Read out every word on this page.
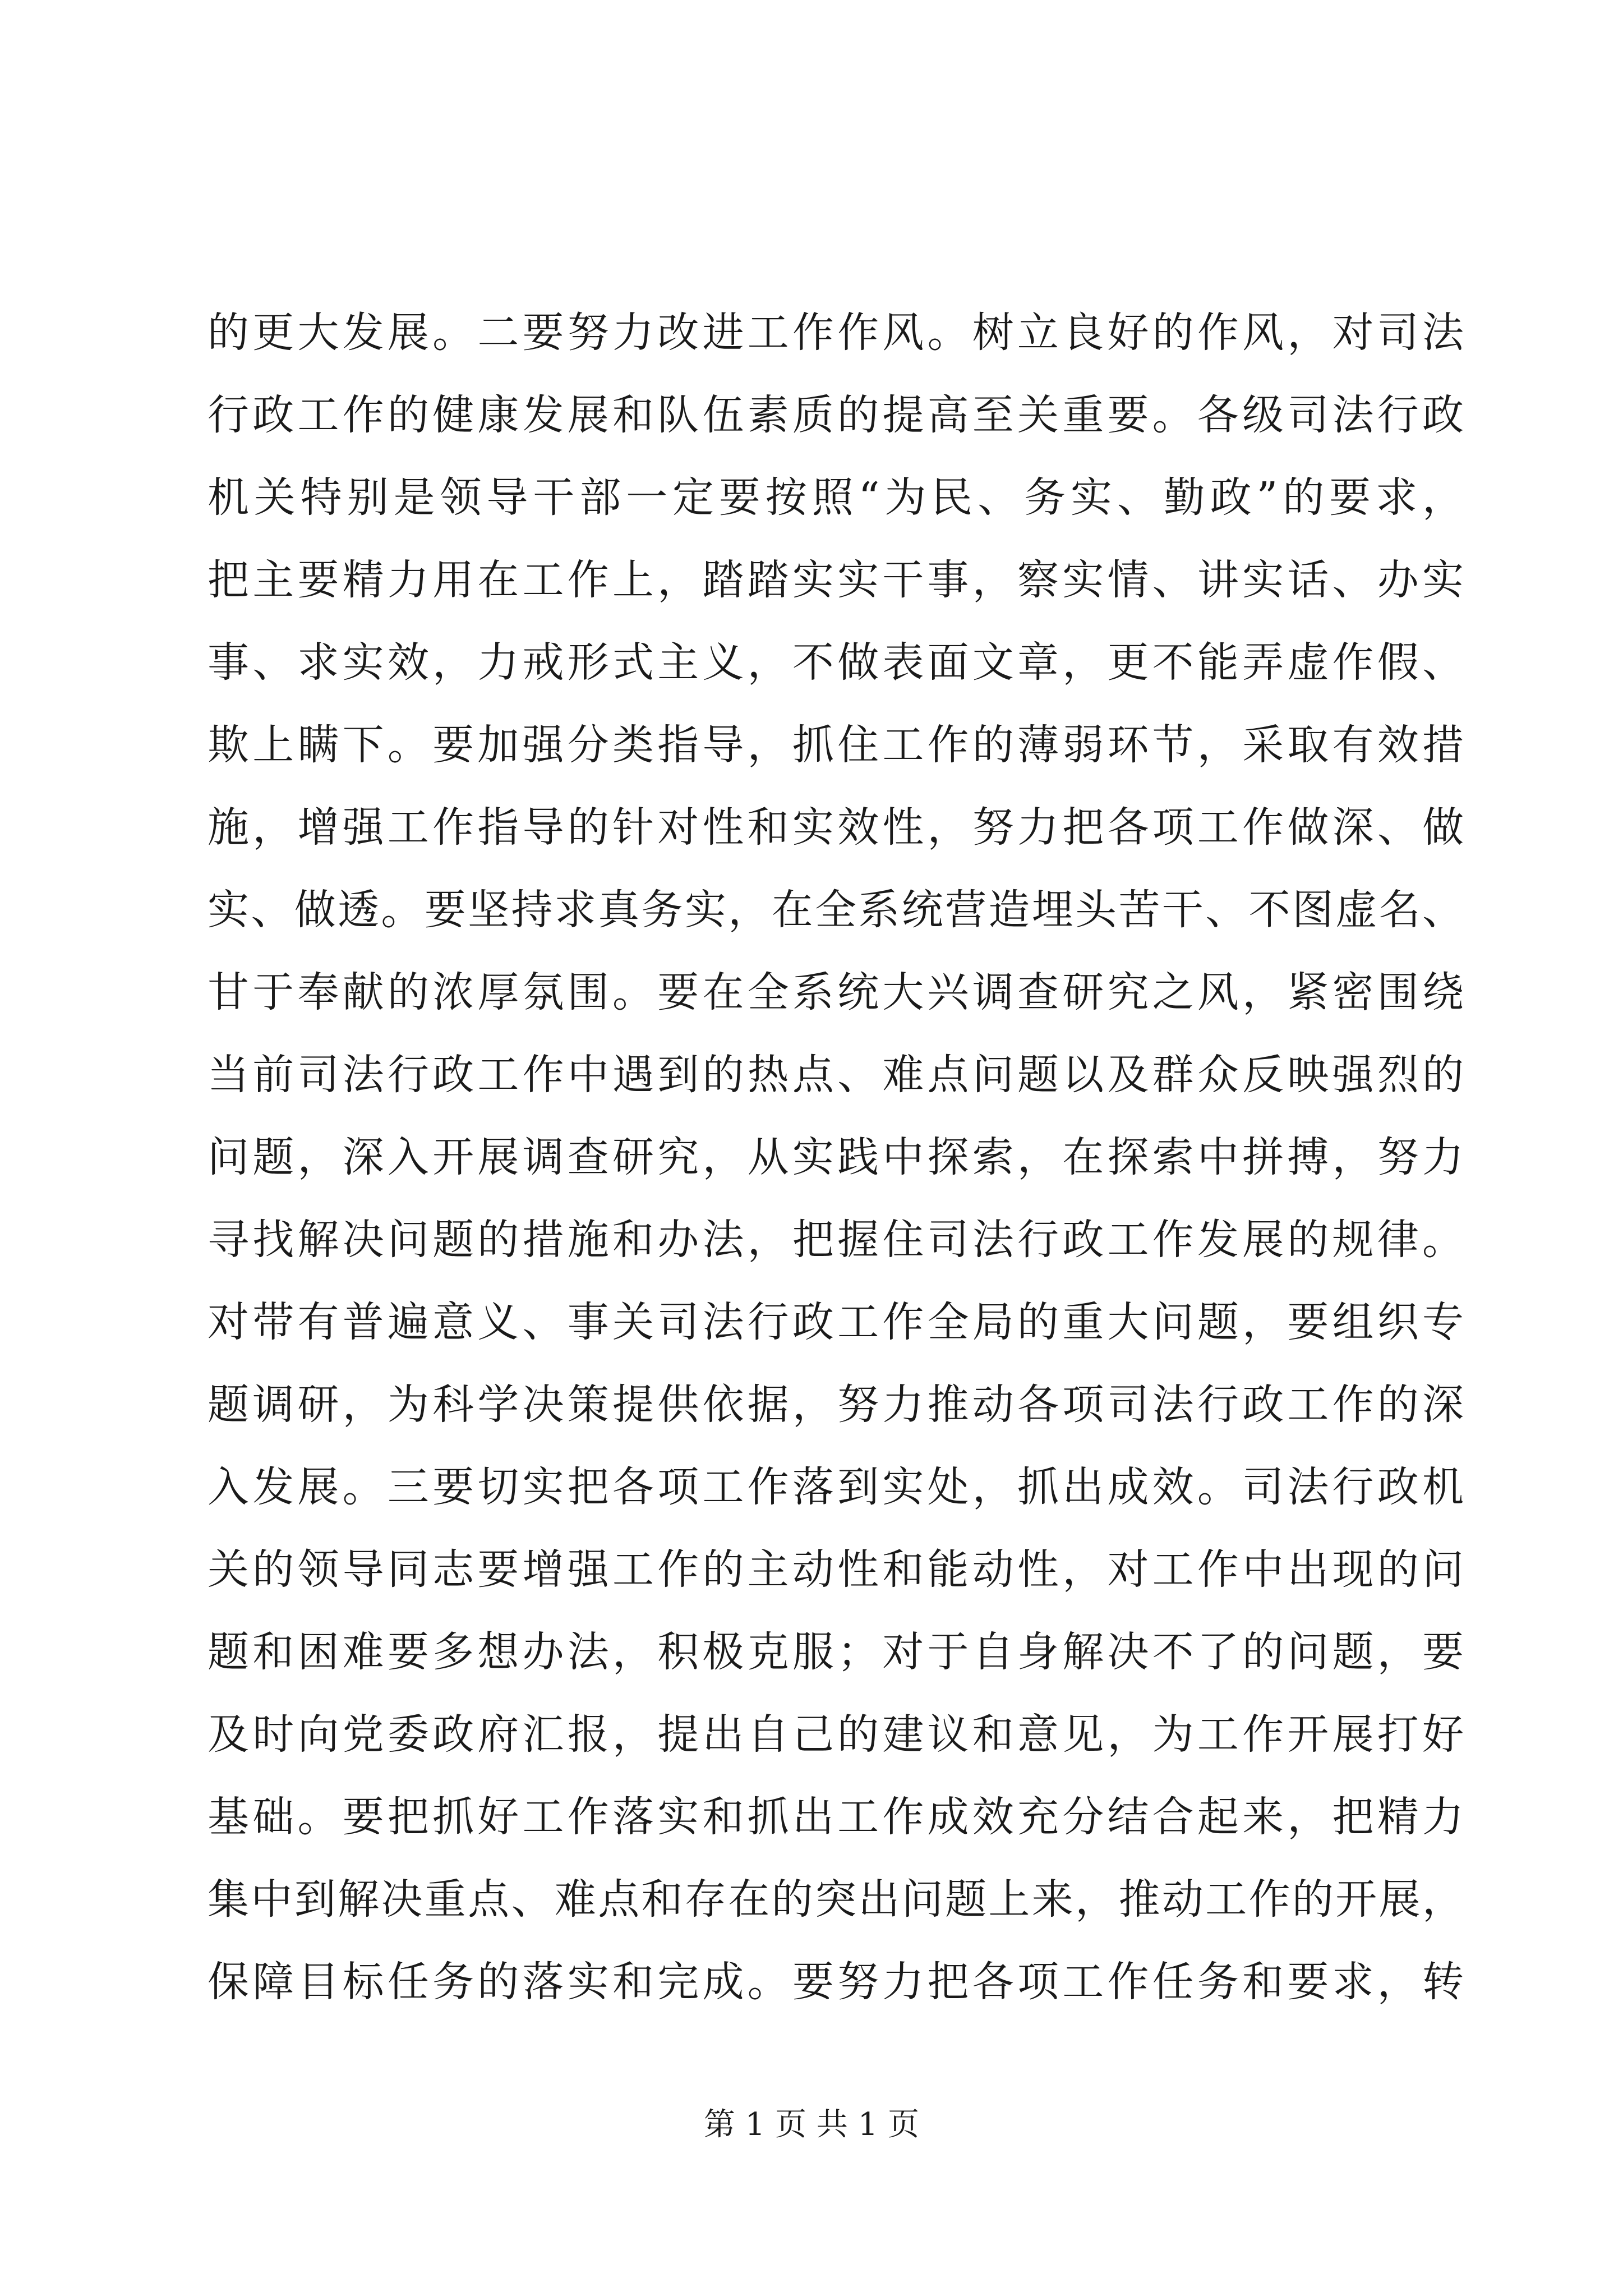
的更大发展。二要努力改进工作作风。树立良好的作风，对司法
行政工作的健康发展和队伍素质的提高至关重要。各级司法行政
机关特别是领导干部一定要按照“为民、务实、勤政”的要求，
把主要精力用在工作上，踏踏实实干事，察实情、讲实话、办实
事、求实效，力戒形式主义，不做表面文章，更不能弄虚作假、
欺上瞒下。要加强分类指导，抓住工作的薄弱环节，采取有效措
施，增强工作指导的针对性和实效性，努力把各项工作做深、做
实、做透。要坚持求真务实，在全系统营造埋头苦干、不图虚名、
甘于奉献的浓厚氛围。要在全系统大兴调查研究之风，紧密围绕
当前司法行政工作中遇到的热点、难点问题以及群众反映强烈的
问题，深入开展调查研究，从实践中探索，在探索中拼搏，努力
寻找解决问题的措施和办法，把握住司法行政工作发展的规律。
对带有普遍意义、事关司法行政工作全局的重大问题，要组织专
题调研，为科学决策提供依据，努力推动各项司法行政工作的深
入发展。三要切实把各项工作落到实处，抓出成效。司法行政机
关的领导同志要增强工作的主动性和能动性，对工作中出现的问
题和困难要多想办法，积极克服；对于自身解决不了的问题，要
及时向党委政府汇报，提出自己的建议和意见，为工作开展打好
基础。要把抓好工作落实和抓出工作成效充分结合起来，把精力
集中到解决重点、难点和存在的突出问题上来，推动工作的开展，
保障目标任务的落实和完成。要努力把各项工作任务和要求，转
第 1 页 共 1 页
